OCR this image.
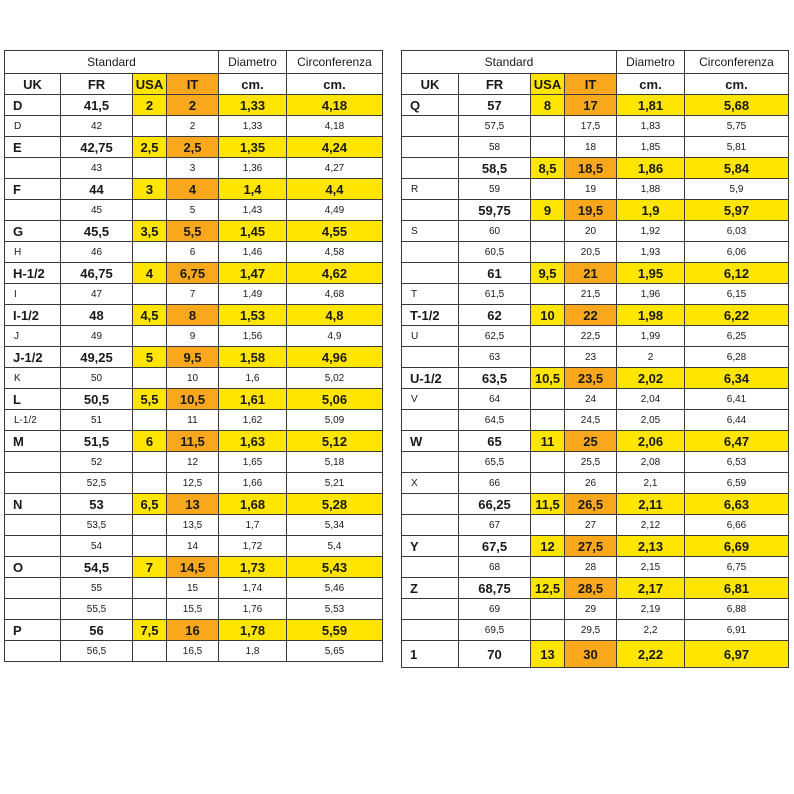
Standard				Diametro	Circonferenza
UK	FR	USA	IT	cm.	cm.
D	41,5	2	2	1,33	4,18
D	42		2	1,33	4,18
E	42,75	2,5	2,5	1,35	4,24
	43		3	1,36	4,27
F	44	3	4	1,4	4,4
	45		5	1,43	4,49
G	45,5	3,5	5,5	1,45	4,55
H	46		6	1,46	4,58
H-1/2	46,75	4	6,75	1,47	4,62
I	47		7	1,49	4,68
I-1/2	48	4,5	8	1,53	4,8
J	49		9	1,56	4,9
J-1/2	49,25	5	9,5	1,58	4,96
K	50		10	1,6	5,02
L	50,5	5,5	10,5	1,61	5,06
L-1/2	51		11	1,62	5,09
M	51,5	6	11,5	1,63	5,12
	52		12	1,65	5,18
	52,5		12,5	1,66	5,21
N	53	6,5	13	1,68	5,28
	53,5		13,5	1,7	5,34
	54		14	1,72	5,4
O	54,5	7	14,5	1,73	5,43
	55		15	1,74	5,46
	55,5		15,5	1,76	5,53
P	56	7,5	16	1,78	5,59
	56,5		16,5	1,8	5,65
Standard				Diametro	Circonferenza
UK	FR	USA	IT	cm.	cm.
Q	57	8	17	1,81	5,68
	57,5		17,5	1,83	5,75
	58		18	1,85	5,81
	58,5	8,5	18,5	1,86	5,84
R	59		19	1,88	5,9
	59,75	9	19,5	1,9	5,97
S	60		20	1,92	6,03
	60,5		20,5	1,93	6,06
	61	9,5	21	1,95	6,12
T	61,5		21,5	1,96	6,15
T-1/2	62	10	22	1,98	6,22
U	62,5		22,5	1,99	6,25
	63		23	2	6,28
U-1/2	63,5	10,5	23,5	2,02	6,34
V	64		24	2,04	6,41
	64,5		24,5	2,05	6,44
W	65	11	25	2,06	6,47
	65,5		25,5	2,08	6,53
X	66		26	2,1	6,59
	66,25	11,5	26,5	2,11	6,63
	67		27	2,12	6,66
Y	67,5	12	27,5	2,13	6,69
	68		28	2,15	6,75
Z	68,75	12,5	28,5	2,17	6,81
	69		29	2,19	6,88
	69,5		29,5	2,2	6,91
1	70	13	30	2,22	6,97
